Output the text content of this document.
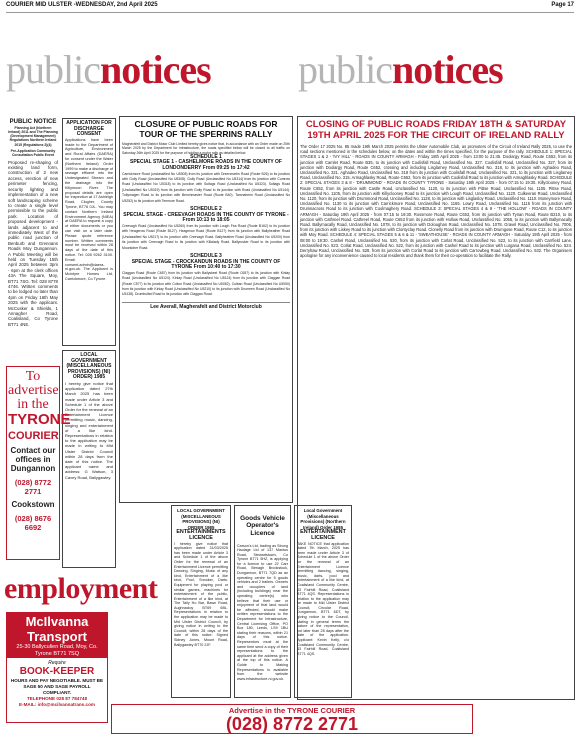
COURIER MID ULSTER -WEDNESDAY, 2nd April 2025	Page 17
publicnotices	publicnotices

PUBLIC NOTICE

Planning Act (Northern Ireland) 2011 and The Planning (Development Management) Regulations Northern Ireland 2015 (Regulations 2)(4)

Pre-Application Community Consultation Public Event

Proposed re-shaping of existing land form, construction of 2 new access, erection of new perimeter fencing, security lighting and implementation of a new soft landscaping scheme to create a single level permissible to the public park. Location of proposed development - lands adjacent to and immediately West of the public road junction of Benburb and Grennans Roads Moy Dungannon. A Public Meeting will be held on Tuesday 15th April 2025 between 3pm - 6pm at the clerk offices 43A The Square, Moy, BT71 7SG. Tel: 028 8778 4746. Written comments to be lodged no later than 4pm on Friday 16th May 2025 with the applicant. McCusker & Shields, 1 Annagher Road, Coalisland, Co Tyrone BT71 4NE.

APPLICATION FOR DISCHARGE CONSENT

Applications have been made to the Department of Agriculture, Environment and Rural Affairs (DAERA) for consent under the Water (Northern Ireland) Order 1999 to make a discharge of sewage effluent into the Undesignated Stream and the drainage into the Killymoon River. The proposal details are open for inspection at 17 Ashleigh Road, Clogher, County Tyrone, BT76 0JL. You may contact Northern Ireland Environment Agency (NIEA) at DAERA to request a copy of either documents or you can visit on a later date. Please quote reference number. Written comments must be received within 28 days of the date of this notice. Tel: 028 9262 3100. Email: consent.admin@daera-ni.gov.uk. The Applicant is Mcintyre Homes Ltd, Carrickmore, Co Tyrone.

LOCAL GOVERNMENT (MISCELLANEOUS PROVISIONS) (NI) ORDER) 1985

I hereby give notice that application dated 27th March 2025 has been made under Article 3 and Schedule 1 of the above Order for the renewal of an Entertainment Licence permitting music, dancing, singing and entertainment of a like kind. Representations in relation to the application may be made in writing to Mid Ulster District Council within 28 days from the date of this notice. The applicant name and address: G Watson, 3 Cavey Road, Ballygawley.

To advertise in the
TYRONE
COURIER
Contact our offices in Dungannon
(028) 8772 2771
Cookstown
(028) 8676 6692

CLOSURE OF PUBLIC ROADS FOR TOUR OF THE SPERRINS RALLY

Magherafelt and District Motor Club Limited hereby gives notice that, in accordance with an Order made on 20th March 2025 by the Department for Infrastructure, the roads specified below will be closed to all traffic on Saturday 26th April 2025 for the purpose of holding a motor rally as detailed below.

SCHEDULE 1

SPECIAL STAGE 1 - CASHELMORE ROADS IN THE COUNTY OF LONDONDERRY From 09:25 to 17:42

Carrickmore Road (unclassified No U5308) from its junction with Dreenmartin Road (Route B26) to its junction with Gully Road (Unclassified No U5308). Gully Road (Unclassified No U5314) from its junction with Cumrow Road (Unclassified No U5318) to its junction with Sultags Road (Unclassified No U5323). Sultags Road (Unclassified No U5319) from its junction with Gully Road to its junction with Road (Unclassified No U5144). Tullymagen Road to its junction with Benchmaster Road (Route B40). Tamnaherin Road (Unclassified No U5252) to its junction with Teemore Road.

SCHEDULE 2

SPECIAL STAGE - CREEVAGH ROADS IN THE COUNTY OF TYRONE - From 10:13 to 18:05

Creevagh Road (Unclassified No U5260) from its junction with Lough Fea Road (Route B162) to its junction with Heagerow Road (Route B127). Heagerow Road (Route B127) from its junction with Ballyheather Road (Unclassified No U5217) to its junction with Creevagh Road. Ballyheather Road (Unclassified No U5200) from its junction with Creevagh Road to its junction with Killalady Road. Ballyrusker Road to its junction with Mountober Road.

SCHEDULE 3

SPECIAL STAGE - CROCKANDUN ROADS IN THE COUNTY OF TYRONE From 10:40 to 17:30

Claggan Road (Route C657) from its junction with Ballyskeel Road (Route C657) to its junction with Kinlay Road (Unclassified No U5124). Kinlay Road (Unclassified No U5124) from its junction with Claggan Road (Route C577) to its junction with Colton Road (Unclassified No U5052). Culban Road (Unclassified No U5050) from its junction with Kinlay Road (Unclassified No U5210) to its junction with Drumeen Road (Unclassified No U5138). Drumbulled Road to its junction with Claggan Road.

Lee Averall, Magherafelt and District Motorclub

CLOSING OF PUBLIC ROADS FRIDAY 18TH & SATURDAY 19TH APRIL 2025 FOR THE CIRCUIT OF IRELAND RALLY

The Order 17 2025 No. 85 made 19th March 2025 permits the Ulster Automobile Club, as promoters of the Circuit of Ireland Rally 2025, to use the road sections mentioned in the schedules below, on the dates and within the times specified, for the purpose of the rally. SCHEDULE 1: SPECIAL STAGES 1 & 2 - 'IVY HILL' - ROADS IN COUNTY ARMAGH - Friday 18th April 2025 - from 13:00 to 21:45. Doolargy Road, Route C652, from its junction with Camlet Road, Route B35, to its junction with Coolisfall Road, Unclassified No. 327. Coolisfall Road, Unclassified No. 327, from its junction with Doolargy Road, Route C652, crossing and including Lisglarney Road, Unclassified No. 318, to its junction with Aghadeo Road, Unclassified No. 321. Aghadeo Road, Unclassified No. 318 from its junction with Coolisfall Road, Unclassified No. 321, to its junction with Lisglarney Road, Unclassified No. 315. Armaghlasky Road, Route C652, from its junction with Coolisfall Road to its junction with Armaghlasky Road. SCHEDULE 2: SPECIAL STAGES 3 & 8 - 'DRUMMOND' - ROADS IN COUNTY TYRONE - Saturday 19th April 2025 - from 07:15 to 19:30. Killyclooney Road, Route C652, from its junction with Castle Road, Unclassified No. 1120, to its junction with Pittse Road, Unclassified No. 1105. Pittse Road, Unclassified No. 1105, from its junction with Killyclooney Road to its junction with Lough Road, Unclassified No. 1120. Culkeeran Road, Unclassified No. 1120, from its junction with Drummond Road, Unclassified No. 1128, to its junction with Lisglasloy Road, Unclassified No. 1110. Moneymore Road, Unclassified No. 1130 to its junction with Carrickmore Road, Unclassified No. 1165. Lowry Road, Unclassified No. 1115 from its junction with Drumnacross Road to its junction with Coolmaghery Road. SCHEDULE 3: SPECIAL STAGES 4 & 9 - 'THE HOLLOW' - ROADS IN COUNTY ARMAGH - Saturday 19th April 2025 - from 07:15 to 19:30. Rossmore Road, Route C653, from its junction with Tynan Road, Route B210, to its junction with Cathreel Road. Cathreel Road, Route C653 from its junction with Hollow Road, Unclassified No. 1055, to its junction with Ballymacally Road. Ballymacally Road, Unclassified No. 1078, to its junction with Doloughan Road, Unclassified No. 1078. Gravel Road, Unclassified No. 7006, from its junction with Liskey Road to its junction with Clontyclay Road. Clonelly Road from its junction with Drumgose Road, Route C12, to its junction with Moy Road. SCHEDULE 4: SPECIAL STAGES 5 & 6 & 11 - 'SWEATHOUSE' - ROADS IN COUNTY ARMAGH - Saturday 19th April 2025 - from 08:00 to 19:30. Cashel Road, Unclassified No. 520, from its junction with Corlat Road, Unclassified No. 522, to its junction with Carrfield Lane, Unclassified No. 523. Corlat Road, Unclassified No. 522, from its junction with Cashel Road to its junction with Lurgana Road, Unclassified No. 524. Derryhaw Road, Unclassified No. 528, from its junction with Corlat Road to its junction with Carrowbeg Road, Unclassified No. 532. The Organisers apologise for any inconvenience caused to local residents and thank them for their co-operation to facilitate the Rally.

employment
McIlvanna Transport
25-30 Ballyculien Road, Moy, Co. Tyrone BT71 7SQ
Require
BOOK-KEEPER
HOURS AND PAY NEGOTIABLE. MUST BE SAGE 50 AND SAGE PAYROLL COMPLIANT.
TELEPHONE 028 87 784748
E-MAIL: info@mcilvannatrans.com

LOCAL GOVERNMENT (MISCELLANEOUS PROVISIONS) (NI) ORDER 1985

ENTERTAINMENTS LICENCE

I hereby give notice that application dated 31/03/2025 has been made under Article 3 and Schedule 1 of the above Order for the renewal of an Entertainment Licence permitting Dancing, Singing, Music of any kind, Entertainment of a like kind, Pool, Snooker, Darts. Equipment for playing pool or similar games, machines for entertainment of the public, Entertainment of a like kind, at The Tally Ho Bar, Bawn Road, Aughnacloy BT69 6BL. Representations in relation to the application may be made to Mid Ulster District Council, by giving notice in writing to the Council, within 28 days of the date of this notice. Signed Sidney Jones, Mount Road, Ballygawley BT70 2JF.

Goods Vehicle Operator's Licence

Carson's Ltd, trading as Strong Haulage Ltd of 137 Mantus Road, Stewartstown, Co Tyrone BT71 5HZ, is applying for a licence to use 22 Carr Road, Benagh Brookstock, Dungannon, BT71 7QD as an operating centre for 5 goods vehicles and 2 trailers. Owners and occupiers of land (including buildings) near the operating centre(s) who believe that their use or enjoyment of that land would be affected, should make written representations to the Department for Infrastructure, Central Licensing Office, PO Box 180, Leeds, LS9 1BU stating their reasons, within 21 days of this notice. Representors must at the same time send a copy of their representations to the applicant at the address given at the top of this notice. A Guide to Making Representations is available from the website www.infrastructure-ni.gov.uk.

Local Government (Miscellaneous Provisions) (Northern Ireland) Order 1985

ENTERTAINMENT LICENCE

TAKE NOTICE that application dated 7th March, 2025 has been made under Article 3 of Schedule 1 of the above Order for the renewal of an Entertainment Licence permitting dancing, singing, music, darts, pool and entertainment of a like kind, at Coalisland Community Centre, 43 Fairhill Road, Coalisland BT71 4QS. Representations in relation to the application may be made to Mid Ulster District Council, Circular Road, Dungannon, BT71 6DT, by giving notice to the Council, stating in general terms the nature of the representation, not later than 28 days after the date of the application. Applicant: Kevin Kelly, c/o Coalisland Community Centre, 43 Fairhill Road, Coalisland BT71 4QS.

Advertise in the TYRONE COURIER
(028) 8772 2771
